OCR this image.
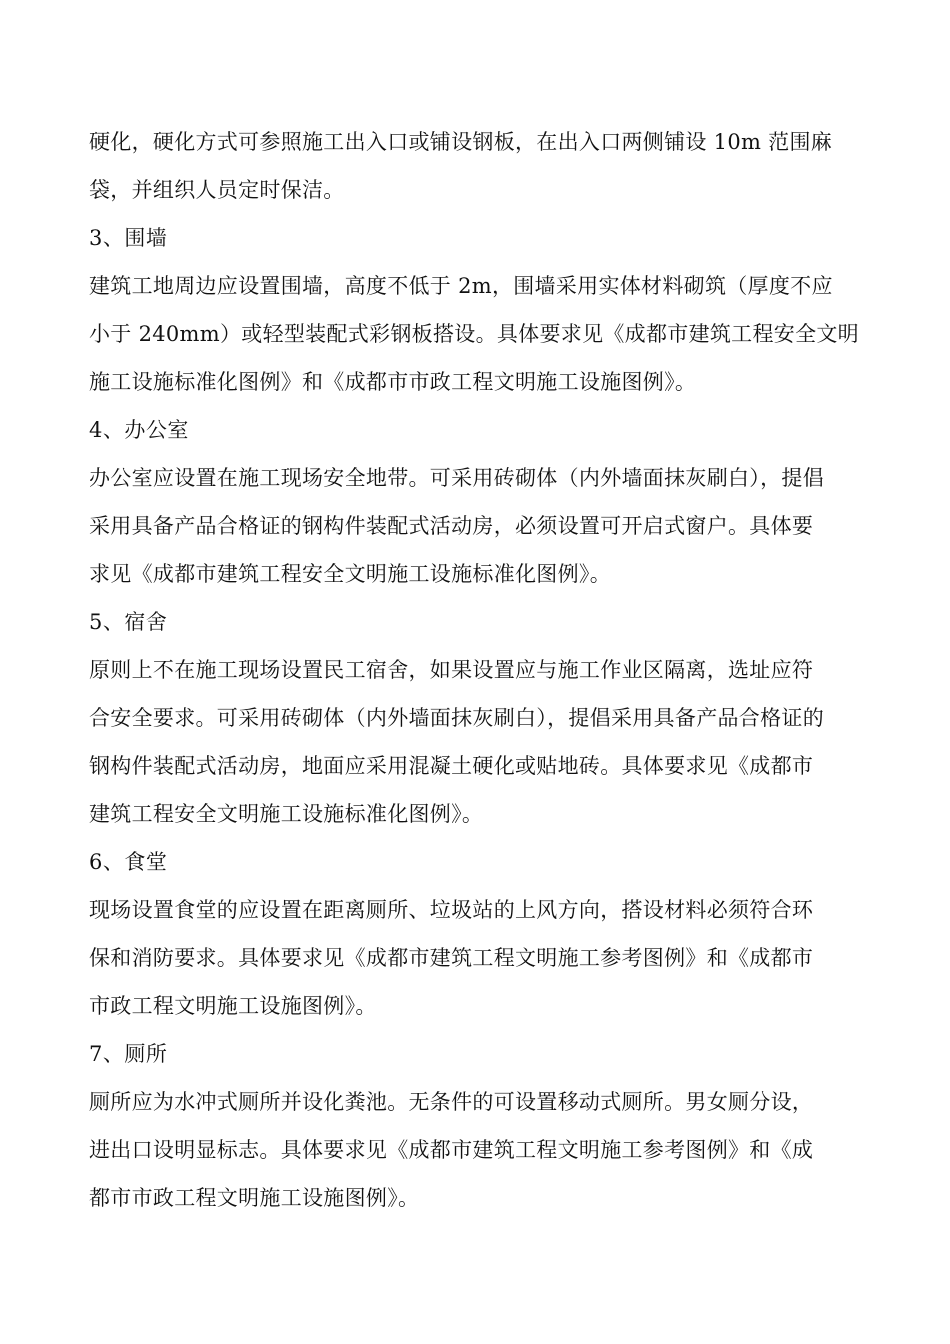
硬化，硬化方式可参照施工出入口或铺设钢板，在出入口两侧铺设 10m 范围麻
袋，并组织人员定时保洁。
3、围墙
建筑工地周边应设置围墙，高度不低于 2m，围墙采用实体材料砌筑（厚度不应
小于 240mm）或轻型装配式彩钢板搭设。具体要求见《成都市建筑工程安全文明
施工设施标准化图例》和《成都市市政工程文明施工设施图例》。
4、办公室
办公室应设置在施工现场安全地带。可采用砖砌体（内外墙面抹灰刷白），提倡
采用具备产品合格证的钢构件装配式活动房，必须设置可开启式窗户。具体要
求见《成都市建筑工程安全文明施工设施标准化图例》。
5、宿舍
原则上不在施工现场设置民工宿舍，如果设置应与施工作业区隔离，选址应符
合安全要求。可采用砖砌体（内外墙面抹灰刷白），提倡采用具备产品合格证的
钢构件装配式活动房，地面应采用混凝土硬化或贴地砖。具体要求见《成都市
建筑工程安全文明施工设施标准化图例》。
6、食堂
现场设置食堂的应设置在距离厕所、垃圾站的上风方向，搭设材料必须符合环
保和消防要求。具体要求见《成都市建筑工程文明施工参考图例》和《成都市
市政工程文明施工设施图例》。
7、厕所
厕所应为水冲式厕所并设化粪池。无条件的可设置移动式厕所。男女厕分设，
进出口设明显标志。具体要求见《成都市建筑工程文明施工参考图例》和《成
都市市政工程文明施工设施图例》。
